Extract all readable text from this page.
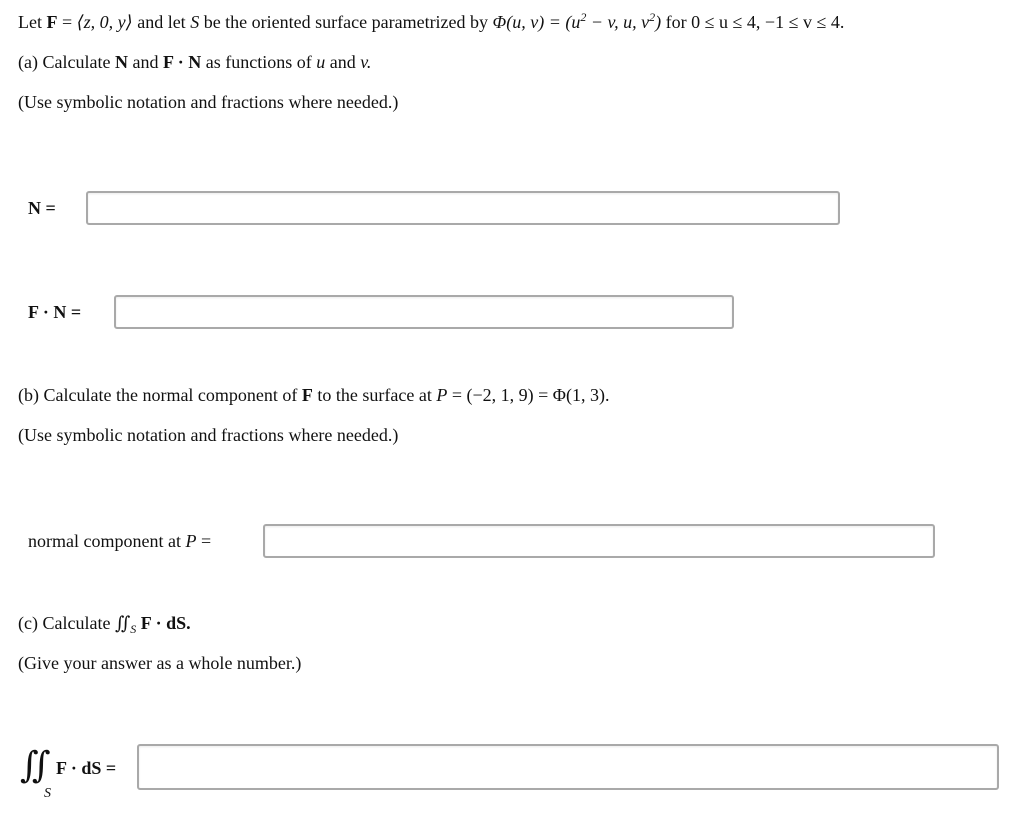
Let F = ⟨z, 0, y⟩ and let S be the oriented surface parametrized by Φ(u, $v) = (u^2 - v$, u, $v^2$) for 0 ≤ u ≤ 4, −1 ≤ v ≤ 4.
(a) Calculate N and F · N as functions of u and v.
(Use symbolic notation and fractions where needed.)
N =
F · N =
(b) Calculate the normal component of F to the surface at P = (−2, 1, 9) = Φ(1, 3).
(Use symbolic notation and fractions where needed.)
normal component at P =
(c) Calculate $∬_S$ F · dS.
(Give your answer as a whole number.)
∬
S
F · dS =
